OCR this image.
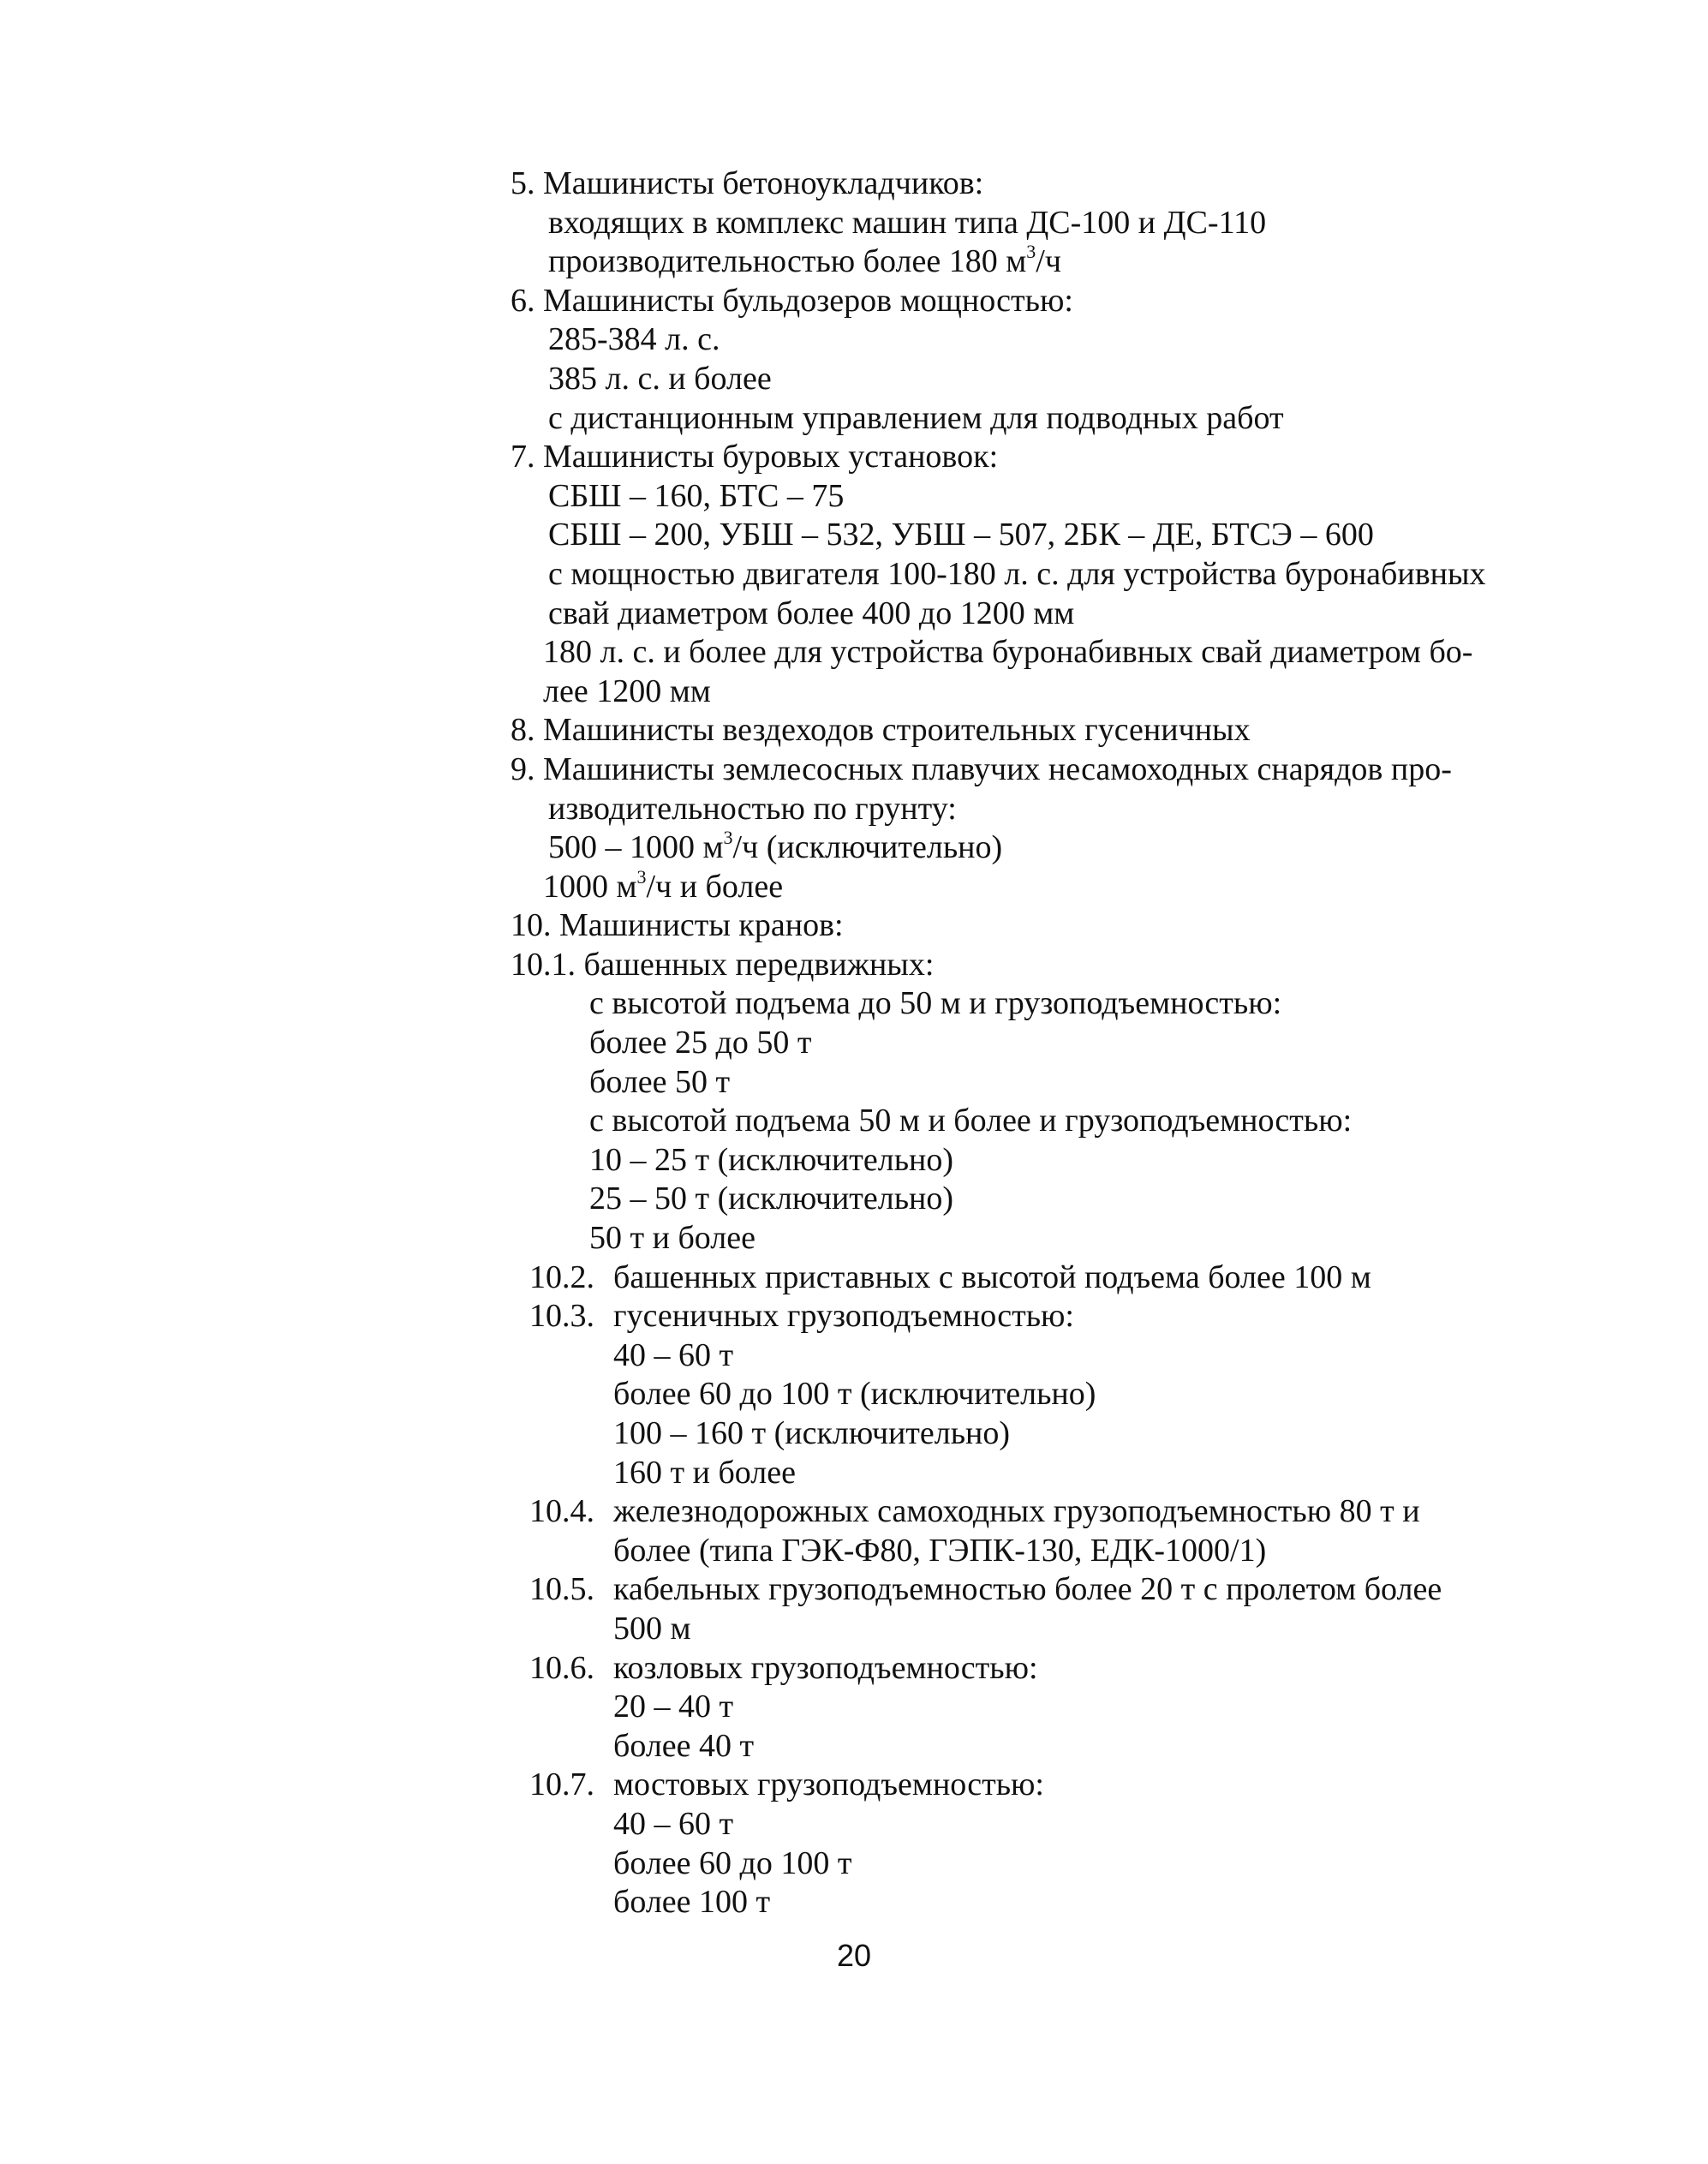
5. Машинисты бетоноукладчиков:
входящих в комплекс машин типа ДС-100 и ДС-110
производительностью более 180 $м^3/ч$
6. Машинисты бульдозеров мощностью:
285-384 л. с.
385 л. с. и более
с дистанционным управлением для подводных работ
7. Машинисты буровых установок:
СБШ – 160, БТС – 75
СБШ – 200, УБШ – 532, УБШ – 507, 2БК – ДЕ, БТСЭ – 600
с мощностью двигателя 100-180 л. с. для устройства буронабивных
свай диаметром более 400 до 1200 мм
180 л. с. и более для устройства буронабивных свай диаметром бо-
лее 1200 мм
8. Машинисты вездеходов строительных гусеничных
9. Машинисты землесосных плавучих несамоходных снарядов про-
изводительностью по грунту:
500 – 1000 $м^3/ч$ (исключительно)
1000 $м^3/ч$ и более
10. Машинисты кранов:
10.1. башенных передвижных:
с высотой подъема до 50 м и грузоподъемностью:
более 25 до 50 т
более 50 т
с высотой подъема 50 м и более и грузоподъемностью:
10 – 25 т (исключительно)
25 – 50 т (исключительно)
50 т и более
10.2. башенных приставных с высотой подъема более 100 м
10.3. гусеничных грузоподъемностью:
40 – 60 т
более 60 до 100 т (исключительно)
100 – 160 т (исключительно)
160 т и более
10.4. железнодорожных самоходных грузоподъемностью 80 т и
более (типа ГЭК-Ф80, ГЭПК-130, ЕДК-1000/1)
10.5. кабельных грузоподъемностью более 20 т с пролетом более
500 м
10.6. козловых грузоподъемностью:
20 – 40 т
более 40 т
10.7. мостовых грузоподъемностью:
40 – 60 т
более 60 до 100 т
более 100 т
20
